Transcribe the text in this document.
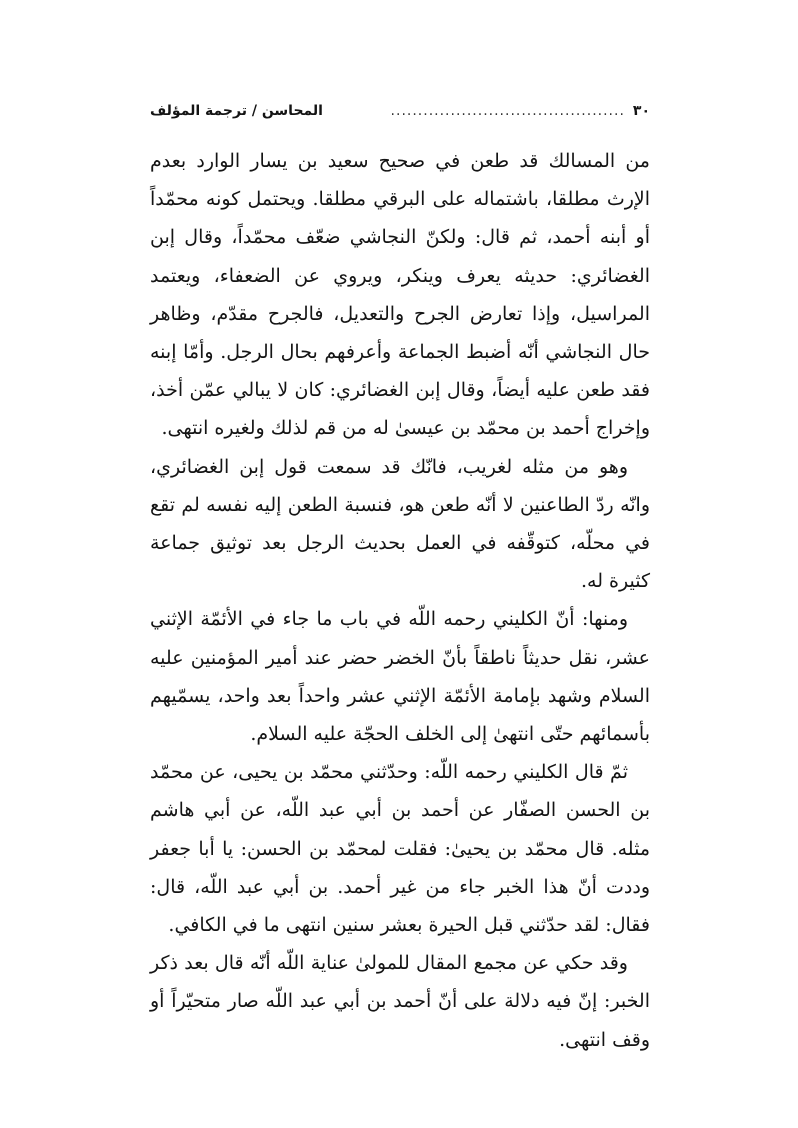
٣٠
...........................................
المحاسن / ترجمة المؤلف

من المسالك قد طعن في صحيح سعيد بن يسار الوارد بعدم الإرث مطلقا، باشتماله على البرقي مطلقا. ويحتمل كونه محمّداً أو أبنه أحمد، ثم قال: ولكنّ النجاشي ضعّف محمّداً، وقال إبن الغضائري: حديثه يعرف وينكر، ويروي عن الضعفاء، ويعتمد المراسيل، وإذا تعارض الجرح والتعديل، فالجرح مقدّم، وظاهر حال النجاشي أنّه أضبط الجماعة وأعرفهم بحال الرجل. وأمّا إبنه فقد طعن عليه أيضاً، وقال إبن الغضائري: كان لا يبالي عمّن أخذ، وإخراج أحمد بن محمّد بن عيسىٰ له من قم لذلك ولغيره انتهى.

وهو من مثله لغريب، فانّك قد سمعت قول إبن الغضائري، وانّه ردّ الطاعنين لا أنّه طعن هو، فنسبة الطعن إليه نفسه لم تقع في محلّه، كتوقّفه في العمل بحديث الرجل بعد توثيق جماعة كثيرة له.

ومنها: أنّ الكليني رحمه اللّه في باب ما جاء في الأئمّة الإثني عشر، نقل حديثاً ناطقاً بأنّ الخضر حضر عند أمير المؤمنين عليه السلام وشهد بإمامة الأئمّة الإثني عشر واحداً بعد واحد، يسمّيهم بأسمائهم حتّى انتهىٰ إلى الخلف الحجّة عليه السلام.

ثمّ قال الكليني رحمه اللّه: وحدّثني محمّد بن يحيى، عن محمّد بن الحسن الصفّار عن أحمد بن أبي عبد اللّه، عن أبي هاشم مثله. قال محمّد بن يحيىٰ: فقلت لمحمّد بن الحسن: يا أبا جعفر وددت أنّ هذا الخبر جاء من غير أحمد. بن أبي عبد اللّه، قال: فقال: لقد حدّثني قبل الحيرة بعشر سنين انتهى ما في الكافي.

وقد حكي عن مجمع المقال للمولىٰ عناية اللّه أنّه قال بعد ذكر الخبر: إنّ فيه دلالة على أنّ أحمد بن أبي عبد اللّه صار متحيّراً أو وقف انتهى.
